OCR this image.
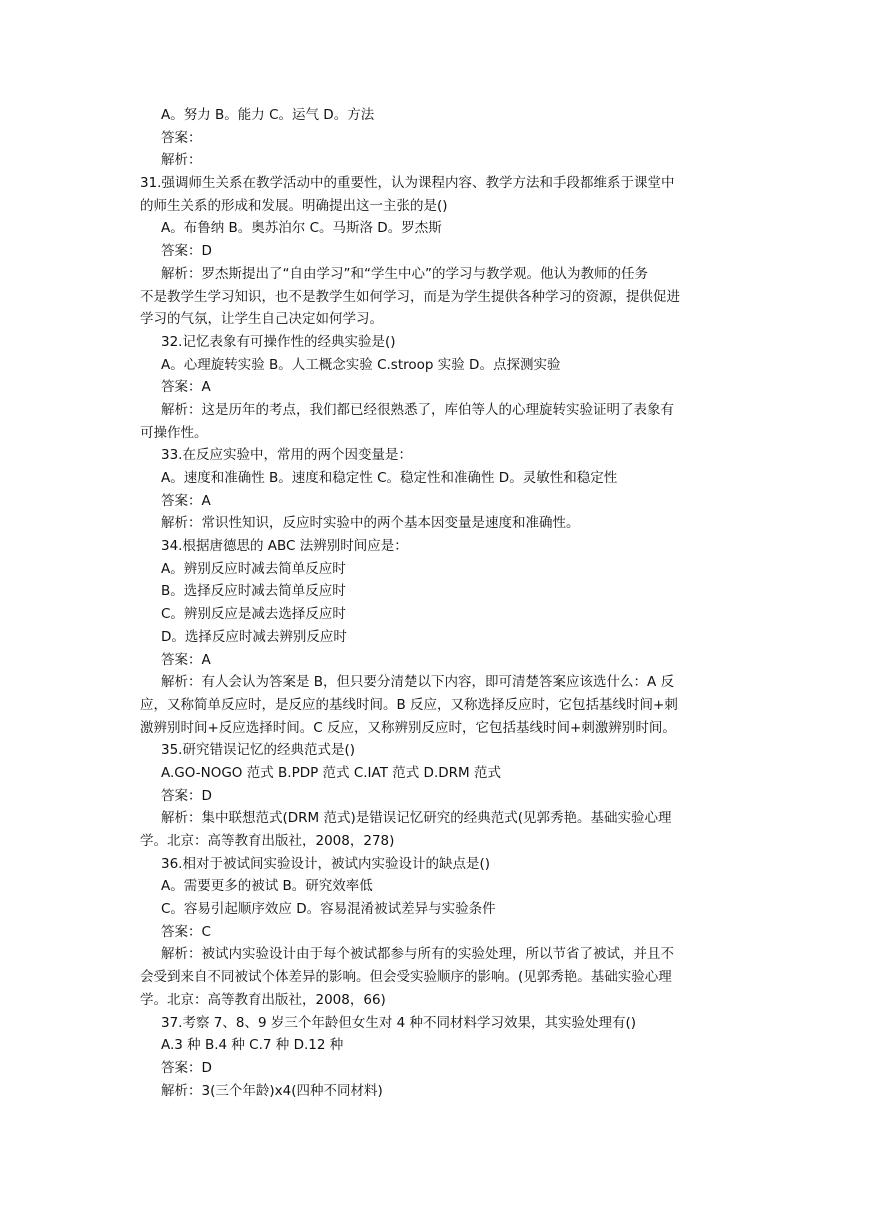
A。努力 B。能力 C。运气 D。方法
答案：
解析：
31.强调师生关系在教学活动中的重要性，认为课程内容、教学方法和手段都维系于课堂中
的师生关系的形成和发展。明确提出这一主张的是()
A。布鲁纳 B。奥苏泊尔 C。马斯洛 D。罗杰斯
答案：D
解析：罗杰斯提出了“自由学习”和“学生中心”的学习与教学观。他认为教师的任务
不是教学生学习知识，也不是教学生如何学习，而是为学生提供各种学习的资源，提供促进
学习的气氛，让学生自己决定如何学习。
32.记忆表象有可操作性的经典实验是()
A。心理旋转实验 B。人工概念实验 C.stroop 实验 D。点探测实验
答案：A
解析：这是历年的考点，我们都已经很熟悉了，库伯等人的心理旋转实验证明了表象有
可操作性。
33.在反应实验中，常用的两个因变量是：
A。速度和准确性 B。速度和稳定性 C。稳定性和准确性 D。灵敏性和稳定性
答案：A
解析：常识性知识，反应时实验中的两个基本因变量是速度和准确性。
34.根据唐德思的 ABC 法辨别时间应是：
A。辨别反应时减去简单反应时
B。选择反应时减去简单反应时
C。辨别反应是减去选择反应时
D。选择反应时减去辨别反应时
答案：A
解析：有人会认为答案是 B，但只要分清楚以下内容，即可清楚答案应该选什么：A 反
应，又称简单反应时，是反应的基线时间。B 反应，又称选择反应时，它包括基线时间+刺
激辨别时间+反应选择时间。C 反应，又称辨别反应时，它包括基线时间+刺激辨别时间。
35.研究错误记忆的经典范式是()
A.GO-NOGO 范式 B.PDP 范式 C.IAT 范式 D.DRM 范式
答案：D
解析：集中联想范式(DRM 范式)是错误记忆研究的经典范式(见郭秀艳。基础实验心理
学。北京：高等教育出版社，2008，278)
36.相对于被试间实验设计，被试内实验设计的缺点是()
A。需要更多的被试 B。研究效率低
C。容易引起顺序效应 D。容易混淆被试差异与实验条件
答案：C
解析：被试内实验设计由于每个被试都参与所有的实验处理，所以节省了被试，并且不
会受到来自不同被试个体差异的影响。但会受实验顺序的影响。(见郭秀艳。基础实验心理
学。北京：高等教育出版社，2008，66)
37.考察 7、8、9 岁三个年龄但女生对 4 种不同材料学习效果，其实验处理有()
A.3 种 B.4 种 C.7 种 D.12 种
答案：D
解析：3(三个年龄)x4(四种不同材料)
